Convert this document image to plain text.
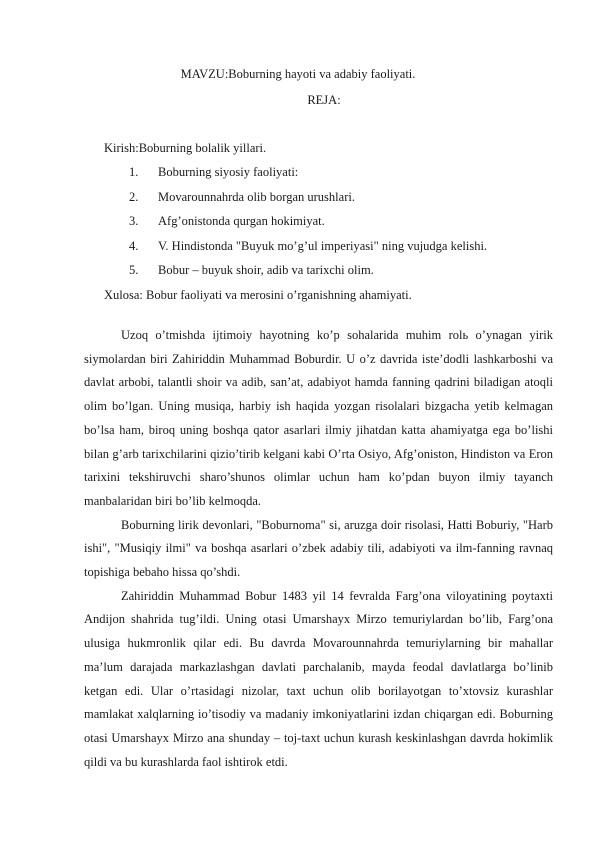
MAVZU:Boburning hayoti va adabiy faoliyati.
REJA:
Kirish:Boburning bolalik yillari.
1. Boburning siyosiy faoliyati:
2. Movarounnahrda olib borgan urushlari.
3. Afg’onistonda qurgan hokimiyat.
4. V. Hindistonda "Buyuk mo’g’ul imperiyasi" ning vujudga kelishi.
5. Bobur – buyuk shoir, adib va tarixchi olim.
Xulosa: Bobur faoliyati va merosini o’rganishning ahamiyati.

Uzoq o’tmishda ijtimoiy hayotning ko’p sohalarida muhim rolь o’ynagan yirik siymolardan biri Zahiriddin Muhammad Boburdir. U o’z davrida iste’dodli lashkarboshi va davlat arbobi, talantli shoir va adib, san’at, adabiyot hamda fanning qadrini biladigan atoqli olim bo’lgan. Uning musiqa, harbiy ish haqida yozgan risolalari bizgacha yetib kelmagan bo’lsa ham, biroq uning boshqa qator asarlari ilmiy jihatdan katta ahamiyatga ega bo’lishi bilan g’arb tarixchilarini qizio’tirib kelgani kabi O’rta Osiyo, Afg’oniston, Hindiston va Eron tarixini tekshiruvchi sharo’shunos olimlar uchun ham ko’pdan buyon ilmiy tayanch manbalaridan biri bo’lib kelmoqda.

Boburning lirik devonlari, "Boburnoma" si, aruzga doir risolasi, Hatti Boburiy, "Harb ishi", "Musiqiy ilmi" va boshqa asarlari o’zbek adabiy tili, adabiyoti va ilm-fanning ravnaq topishiga bebaho hissa qo’shdi.

Zahiriddin Muhammad Bobur 1483 yil 14 fevralda Farg’ona viloyatining poytaxti Andijon shahrida tug’ildi. Uning otasi Umarshayx Mirzo temuriylardan bo’lib, Farg’ona ulusiga hukmronlik qilar edi. Bu davrda Movarounnahrda temuriylarning bir mahallar ma’lum darajada markazlashgan davlati parchalanib, mayda feodal davlatlarga bo’linib ketgan edi. Ular o’rtasidagi nizolar, taxt uchun olib borilayotgan to’xtovsiz kurashlar mamlakat xalqlarning io’tisodiy va madaniy imkoniyatlarini izdan chiqargan edi. Boburning otasi Umarshayx Mirzo ana shunday – toj-taxt uchun kurash keskinlashgan davrda hokimlik qildi va bu kurashlarda faol ishtirok etdi.
